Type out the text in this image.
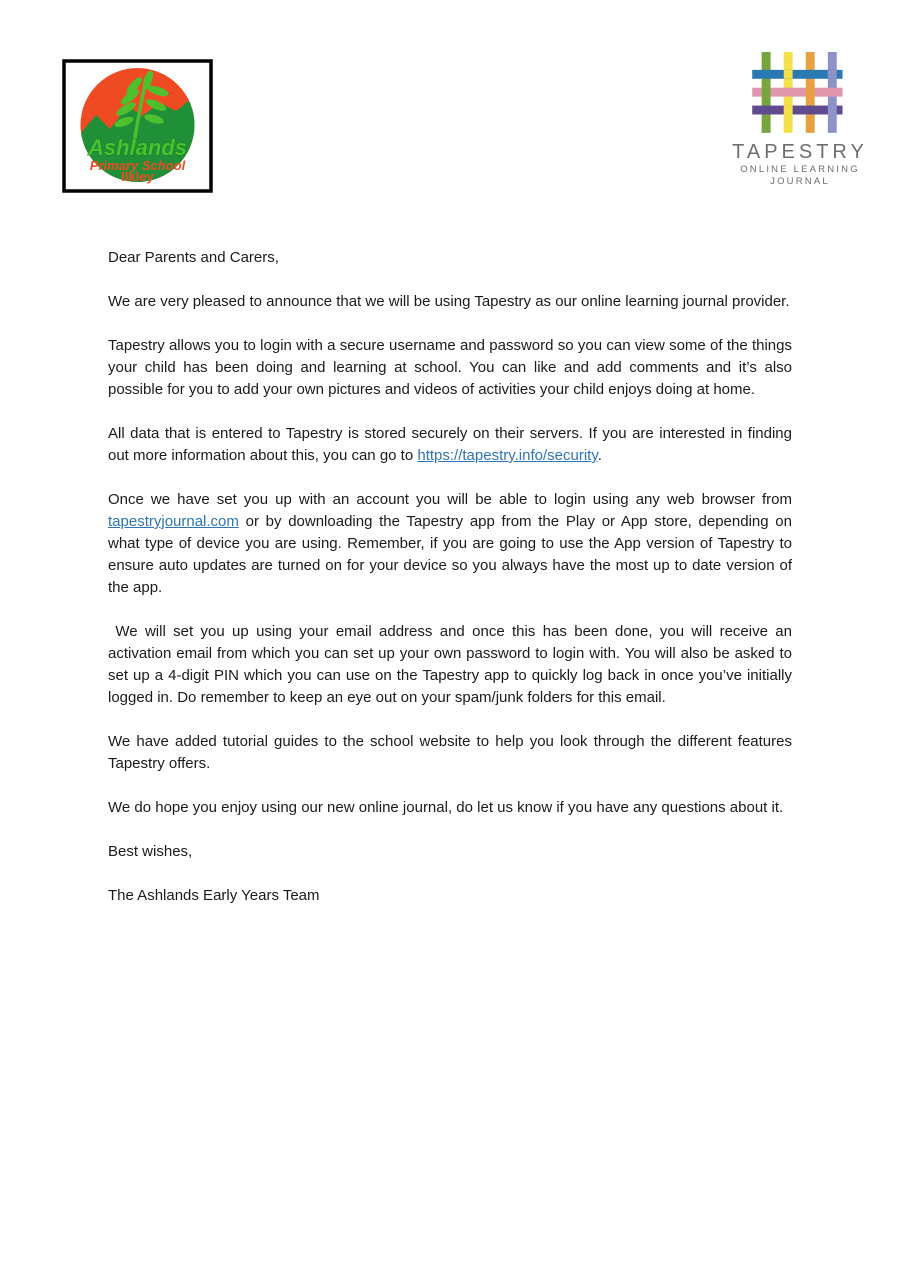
Ashlands
Primary School
Ilkley
TAPESTRY
ONLINE LEARNING
JOURNAL

Dear Parents and Carers,

We are very pleased to announce that we will be using Tapestry as our online learning journal provider.

Tapestry allows you to login with a secure username and password so you can view some of the things your child has been doing and learning at school. You can like and add comments and it’s also possible for you to add your own pictures and videos of activities your child enjoys doing at home.

All data that is entered to Tapestry is stored securely on their servers. If you are interested in finding out more information about this, you can go to https://tapestry.info/security.

Once we have set you up with an account you will be able to login using any web browser from tapestryjournal.com or by downloading the Tapestry app from the Play or App store, depending on what type of device you are using. Remember, if you are going to use the App version of Tapestry to ensure auto updates are turned on for your device so you always have the most up to date version of the app.

We will set you up using your email address and once this has been done, you will receive an activation email from which you can set up your own password to login with. You will also be asked to set up a 4-digit PIN which you can use on the Tapestry app to quickly log back in once you’ve initially logged in. Do remember to keep an eye out on your spam/junk folders for this email.

We have added tutorial guides to the school website to help you look through the different features Tapestry offers.

We do hope you enjoy using our new online journal, do let us know if you have any questions about it.

Best wishes,

The Ashlands Early Years Team
